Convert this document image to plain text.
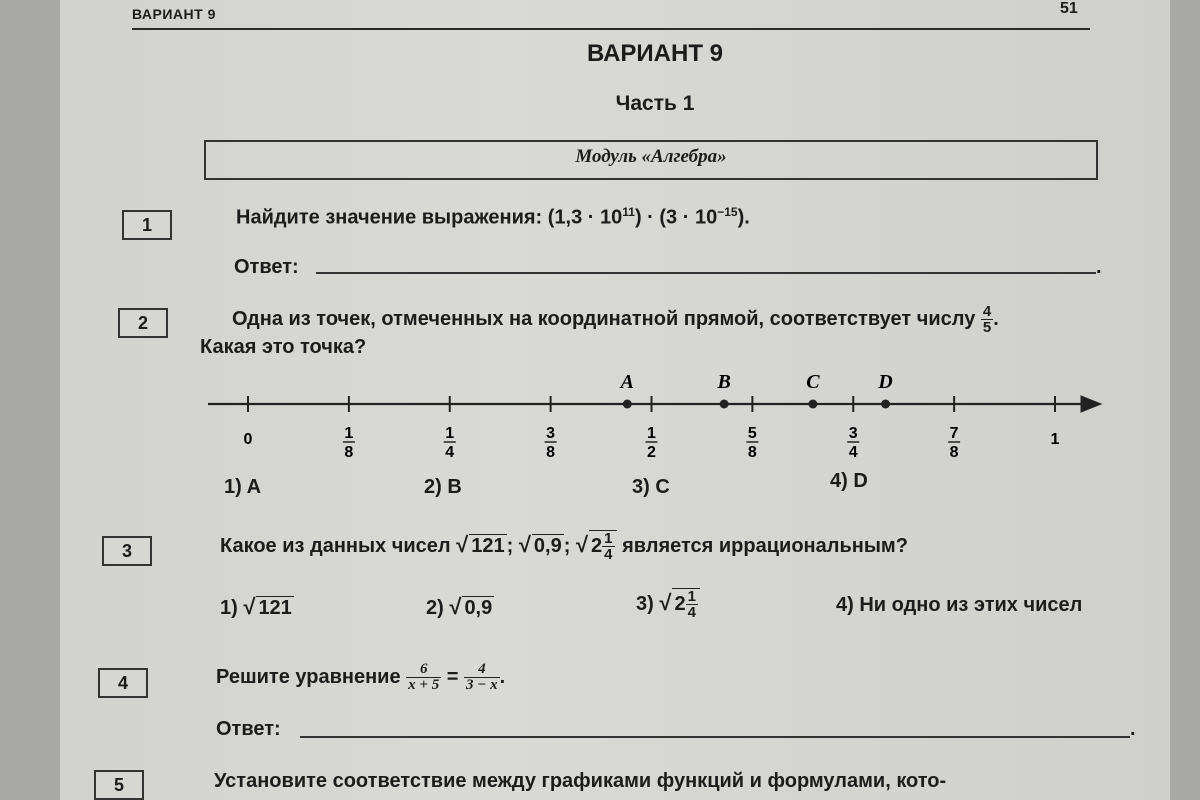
ВАРИАНТ 9	51
ВАРИАНТ 9
Часть 1
Модуль «Алгебра»
1	Найдите значение выражения: $(1,3 \cdot 10^{11}) \cdot (3 \cdot 10^{-15})$.
Ответ:	.
2	Одна из точек, отмеченных на координатной прямой, соответствует числу $\frac{4}{5}$ .
Какая это точка?
0	1
8
1
4
3
8
1
2
5
8
3
4
7
8
1
A	B	C	D
1) A	2) B	3) C	4) D
3	Какое из данных чисел √ 121 ; √ 0,9 ; √ $2 \frac{1}{4}$ является иррациональным?
1) √ 121	2) √ 0,9	3) √ $2 \frac{1}{4}$	4) Ни одно из этих чисел
4	Решите уравнение $\frac{6}{x + 5} = \frac{4}{3 - x}$ .
Ответ:	.
5	Установите соответствие между графиками функций и формулами, кото-
